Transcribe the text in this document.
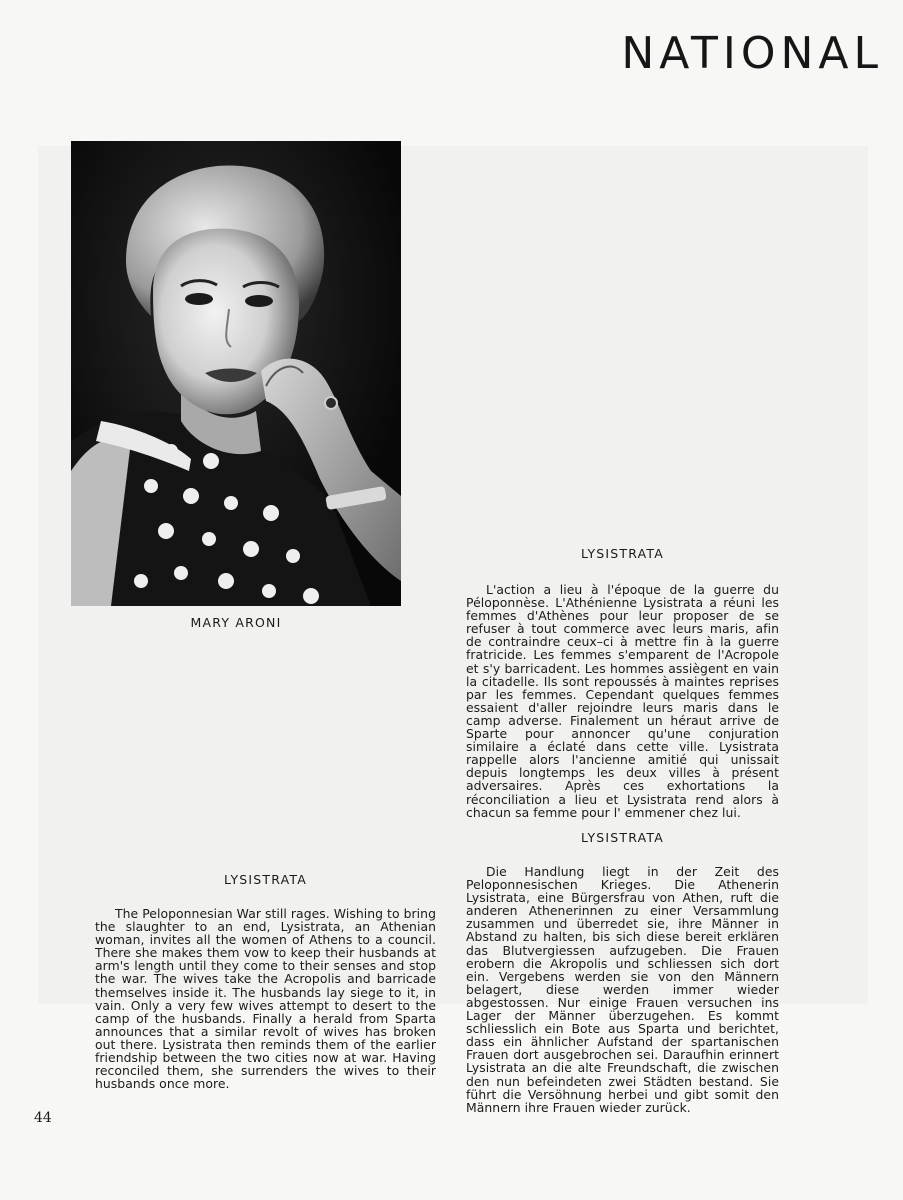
NATIONAL
MARY ARONI
LYSISTRATA

L'action a lieu à l'époque de la guerre du Péloponnèse. L'Athénienne Lysistrata a réuni les femmes d'Athènes pour leur proposer de se refuser à tout commerce avec leurs maris, afin de contraindre ceux–ci à mettre fin à la guerre fratricide. Les femmes s'emparent de l'Acropole et s'y barricadent. Les hommes assiègent en vain la citadelle. Ils sont repoussés à maintes reprises par les femmes. Cependant quelques femmes essaient d'aller rejoindre leurs maris dans le camp adverse. Finalement un héraut arrive de Sparte pour annoncer qu'une conjuration similaire a éclaté dans cette ville. Lysistrata rappelle alors l'ancienne amitié qui unissait depuis longtemps les deux villes à présent adversaires. Après ces exhortations la réconciliation a lieu et Lysistrata rend alors à chacun sa femme pour l' emmener chez lui.

LYSISTRATA

Die Handlung liegt in der Zeit des Peloponnesischen Krieges. Die Athenerin Lysistrata, eine Bürgersfrau von Athen, ruft die anderen Athenerinnen zu einer Versammlung zusammen und überredet sie, ihre Männer in Abstand zu halten, bis sich diese bereit erklären das Blutvergiessen aufzugeben. Die Frauen erobern die Akropolis und schliessen sich dort ein. Vergebens werden sie von den Männern belagert, diese werden immer wieder abgestossen. Nur einige Frauen versuchen ins Lager der Männer überzugehen. Es kommt schliesslich ein Bote aus Sparta und berichtet, dass ein ähnlicher Aufstand der spartanischen Frauen dort ausgebrochen sei. Daraufhin erinnert Lysistrata an die alte Freundschaft, die zwischen den nun befeindeten zwei Städten bestand. Sie führt die Versöhnung herbei und gibt somit den Männern ihre Frauen wieder zurück.

LYSISTRATA

The Peloponnesian War still rages. Wishing to bring the slaughter to an end, Lysistrata, an Athenian woman, invites all the women of Athens to a council. There she makes them vow to keep their husbands at arm's length until they come to their senses and stop the war. The wives take the Acropolis and barricade themselves inside it. The husbands lay siege to it, in vain. Only a very few wives attempt to desert to the camp of the husbands. Finally a herald from Sparta announces that a similar revolt of wives has broken out there. Lysistrata then reminds them of the earlier friendship between the two cities now at war. Having reconciled them, she surrenders the wives to their husbands once more.

44
